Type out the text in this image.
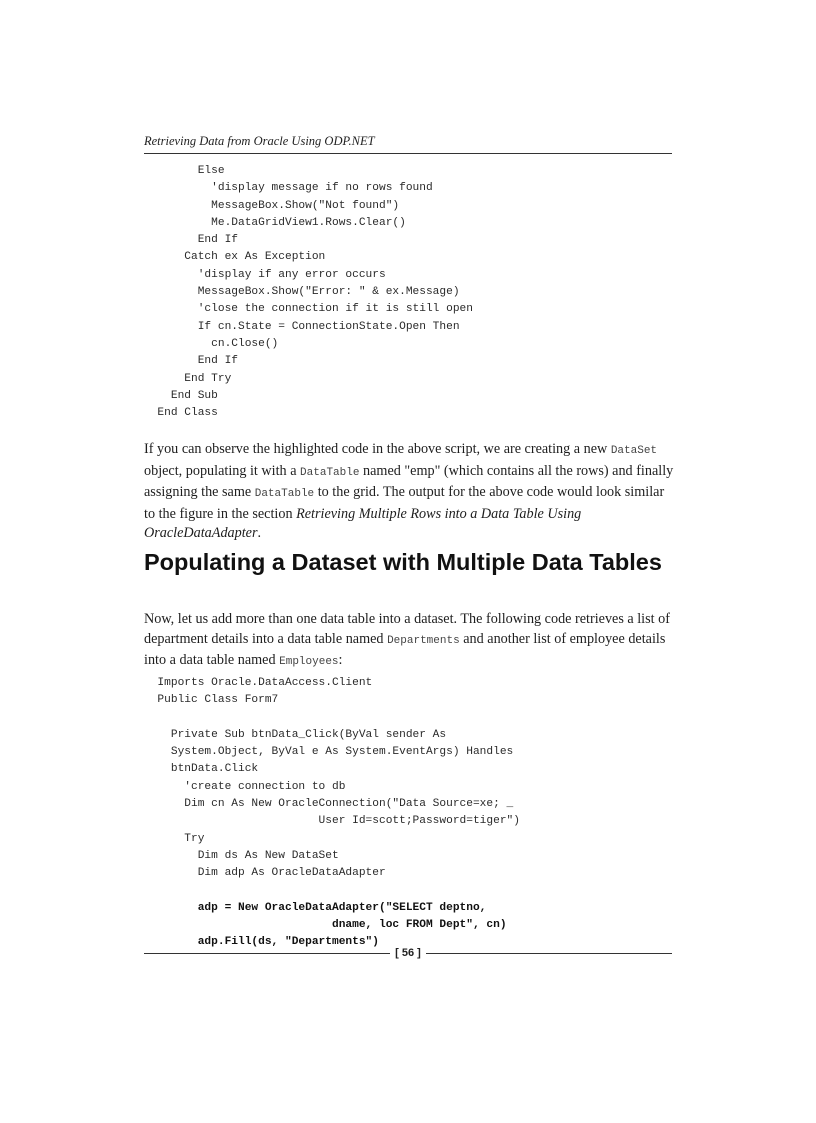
Retrieving Data from Oracle Using ODP.NET
Else
'display message if no rows found
MessageBox.Show("Not found")
Me.DataGridView1.Rows.Clear()
End If
Catch ex As Exception
'display if any error occurs
MessageBox.Show("Error: " & ex.Message)
'close the connection if it is still open
If cn.State = ConnectionState.Open Then
cn.Close()
End If
End Try
End Sub
End Class

If you can observe the highlighted code in the above script, we are creating a new DataSet object, populating it with a DataTable named "emp" (which contains all the rows) and finally assigning the same DataTable to the grid. The output for the above code would look similar to the figure in the section Retrieving Multiple Rows into a Data Table Using OracleDataAdapter.

Populating a Dataset with Multiple Data Tables

Now, let us add more than one data table into a dataset. The following code retrieves a list of department details into a data table named Departments and another list of employee details into a data table named Employees:

Imports Oracle.DataAccess.Client
Public Class Form7
Private Sub btnData_Click(ByVal sender As
System.Object, ByVal e As System.EventArgs) Handles
btnData.Click
'create connection to db
Dim cn As New OracleConnection("Data Source=xe; _
User Id=scott;Password=tiger")
Try
Dim ds As New DataSet
Dim adp As OracleDataAdapter
adp = New OracleDataAdapter("SELECT deptno,
dname, loc FROM Dept", cn)
adp.Fill(ds, "Departments")
[ 56 ]
